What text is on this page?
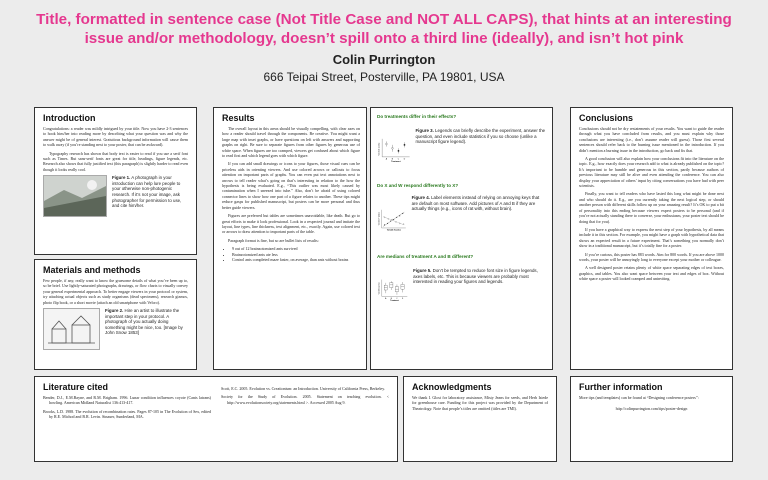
Title, formatted in sentence case (Not Title Case and NOT ALL CAPS), that hints at an interesting issue and/or methodology, doesn’t spill onto a third line (ideally), and isn’t hot pink
Colin Purrington
666 Teipai Street, Posterville, PA 19801, USA
Introduction

Congratulations: a reader was mildly intrigued by your title. Now you have 2-3 sentences to hook him/her into reading more by describing what your question was and why the answer might be of general interest. Gratuitous background information will cause them to walk away (if you’re standing next to your poster, that can be awkward).

Typography research has shown that body text is easier to read if you use a serif font such as Times. But sans-serif fonts are great for title, headings, figure legends, etc. Research also shows that fully justified text (this paragraph) is slightly harder to read even though it looks really cool.

Figure 1. A photograph in your introduction can help lure people to your otherwise non-photogenic research. If it’s not your image, ask photographer for permission to use, and cite him/her.
Materials and methods

Few people, if any, really want to know the gruesome details of what you’ve been up to, so be brief. Use lightly-saturated photographs, drawings, or flow charts to visually convey your general experimental approach. To better engage viewers in your protocol or system, try attaching actual objects such as study organisms (dead specimens), research gizmos, photo flip book, or a short movie (attach an old smartphone with Velcro).

Figure 2. Hire an artist to illustrate the important step in your protocol. A photograph of you actually doing something might be nice, too. [Image by John Snow 1853]
Results

The overall layout in this areas should be visually compelling, with clear axes on how a reader should travel through the components. Be creative. You might want a large map with inset graphs, or have questions on left with answers and supporting graphs on right. Be sure to separate figures from other figures by generous use of white space. When figures are too cramped, viewers get confused about which figure to read first and which legend goes with which figure.

If you can add small drawings or icons to your figures, those visual cues can be priceless aids in orienting viewers. And use colored arrows or callouts to focus attention on important parts of graphs. You can even put text annotations next to arrows to tell reader what’s going on that’s interesting in relation to the how the hypothesis is being evaluated. E.g., “This outlier was most likely caused by contamination when I sneezed into tube.” Also, don’t be afraid of using colored connector lines to show how one part of a figure relates to another. These tips might reduce gasps for published manuscript, but posters can be more personal and thus better guide viewers.

Figures are preferred but tables are sometimes unavoidable, like death. But go to great efforts to make it look professional. Look in a respected journal and imitate the layout, line types, line thickness, text alignment, etc., exactly. Again, use colored text or arrows to draw attention to important parts of the table.

Paragraph format is fine, but so are bullet lists of results:

• 9 out of 12 brainzotomized ants survived
• Brainzotomized ants ate less
• Control ants completed maze faster, on average, than ants without brains
Do treatments differ in their effects?
Variable (units)
A B C D
Treatment
Figure 3. Legends can briefly describe the experiment, answer the question, and even include statistics if you so choose (unlike a manuscript figure legend).
Do X and W respond differently to X?
Variable Y (units)
Variable X (units)
Figure 4. Label elements instead of relying on annoying keys that are default on most software. Add pictures of A and B if they are actually things (e.g., icons of rat with, without brain).
Are medians of treatment A and B different?
Variable (units)
A B C D
Treatment
Figure 5. Don’t be tempted to reduce font size in figure legends, axes labels, etc. This is because viewers are probably most interested in reading your figures and legends.
Conclusions

Conclusions should not be dry restatements of your results. You want to guide the reader through what you have concluded from results, and you must explain why those conclusions are interesting (i.e., don’t assume reader will guess). Those first several sentences should refer back to the burning issue mentioned in the introduction. If you didn’t mention a burning issue in the introduction, go back and fix that.

A good conclusion will also explain how your conclusions fit into the literature on the topic. E.g., how exactly does your research add to what is already published on the topic? It’s important to be humble and generous in this section, partly because authors of previous literature may still be alive and even attending the conference. You can also display your appreciation of others’ input by citing conversations you have had with peer scientists.

Finally, you want to tell readers who have lasted this long what might be done next and who should do it. E.g., are you currently taking the next logical step, or should another person with different skills follow up on your amazing result? It’s OK to put a bit of personality into this ending because viewers expect posters to be personal (and if you’re not actually standing there to converse, your enthusiasm, your poster text should be doing that for you).

If you have a graphical way to express the next step of your hypothesis, by all means include it in this section. For example, you might have a graph with hypothetical data that shows an expected result in a future experiment. That’s something you normally don’t show in a traditional manuscript, but it’s totally fine for a poster.

If you’re curious, this poster has 883 words. Aim for 800 words. If you are above 1000 words, your poster will be annoyingly long to everyone except your mother or colleague.

A well designed poster retains plenty of white space separating edges of text boxes, graphics, and tables. You also want space between your text and edges of box. Without white space a poster will looked cramped and uninviting.

Literature cited

Bender, D.J., E.M.Bayne, and R.M. Brigham. 1996. Lunar condition influences coyote (Canis latrans) howling. American Midland Naturalist 136:413-417.

Brooks, L.D. 1988. The evolution of recombination rates. Pages 87-105 in The Evolution of Sex, edited by R.E. Michod and B.R. Levin. Sinauer, Sunderland, MA.

Scott, E.C. 2005. Evolution vs. Creationism: an Introduction. University of California Press, Berkeley.

Society for the Study of Evolution. 2005. Statement on teaching evolution. < http://www.evolutionsociety.org/statements.html >. Accessed 2005 Aug 9.

Acknowledgments

We thank I. Glost for laboratory assistance, Misty Jeans for seeds, and Herb Isiede for greenhouse care. Funding for this project was provided by the Department of Theatrology. Note that people’s titles are omitted (titles are TMI).

Further information

More tips (and templates) can be found at “Designing conference posters”:

http://colinpurrington.com/tips/poster-design
